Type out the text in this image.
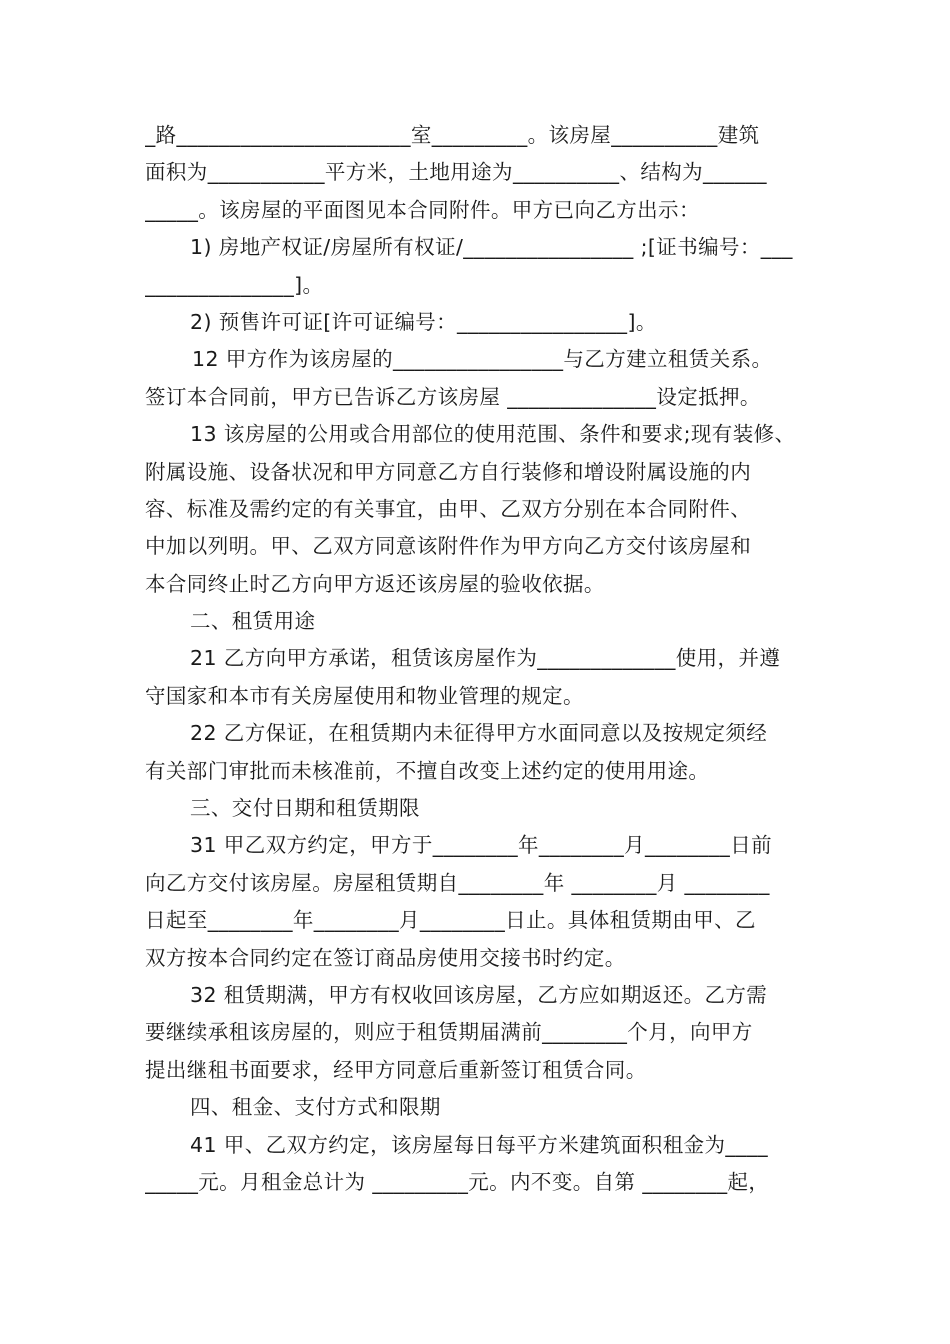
_路______________________室_________。该房屋__________建筑
面积为___________平方米，土地用途为__________、结构为______
_____。该房屋的平面图见本合同附件。甲方已向乙方出示：
1) 房地产权证/房屋所有权证/________________ ;[证书编号：___
______________]。
2) 预售许可证[许可证编号：________________]。
12 甲方作为该房屋的________________与乙方建立租赁关系。
签订本合同前，甲方已告诉乙方该房屋 ______________设定抵押。
13 该房屋的公用或合用部位的使用范围、条件和要求;现有装修、
附属设施、设备状况和甲方同意乙方自行装修和增设附属设施的内
容、标准及需约定的有关事宜，由甲、乙双方分别在本合同附件、
中加以列明。甲、乙双方同意该附件作为甲方向乙方交付该房屋和
本合同终止时乙方向甲方返还该房屋的验收依据。
二、租赁用途
21 乙方向甲方承诺，租赁该房屋作为_____________使用，并遵
守国家和本市有关房屋使用和物业管理的规定。
22 乙方保证，在租赁期内未征得甲方水面同意以及按规定须经
有关部门审批而未核准前，不擅自改变上述约定的使用用途。
三、交付日期和租赁期限
31 甲乙双方约定，甲方于________年________月________日前
向乙方交付该房屋。房屋租赁期自________年 ________月 ________
日起至________年________月________日止。具体租赁期由甲、乙
双方按本合同约定在签订商品房使用交接书时约定。
32 租赁期满，甲方有权收回该房屋，乙方应如期返还。乙方需
要继续承租该房屋的，则应于租赁期届满前________个月，向甲方
提出继租书面要求，经甲方同意后重新签订租赁合同。
四、租金、支付方式和限期
41 甲、乙双方约定，该房屋每日每平方米建筑面积租金为____
_____元。月租金总计为 _________元。内不变。自第 ________起，
